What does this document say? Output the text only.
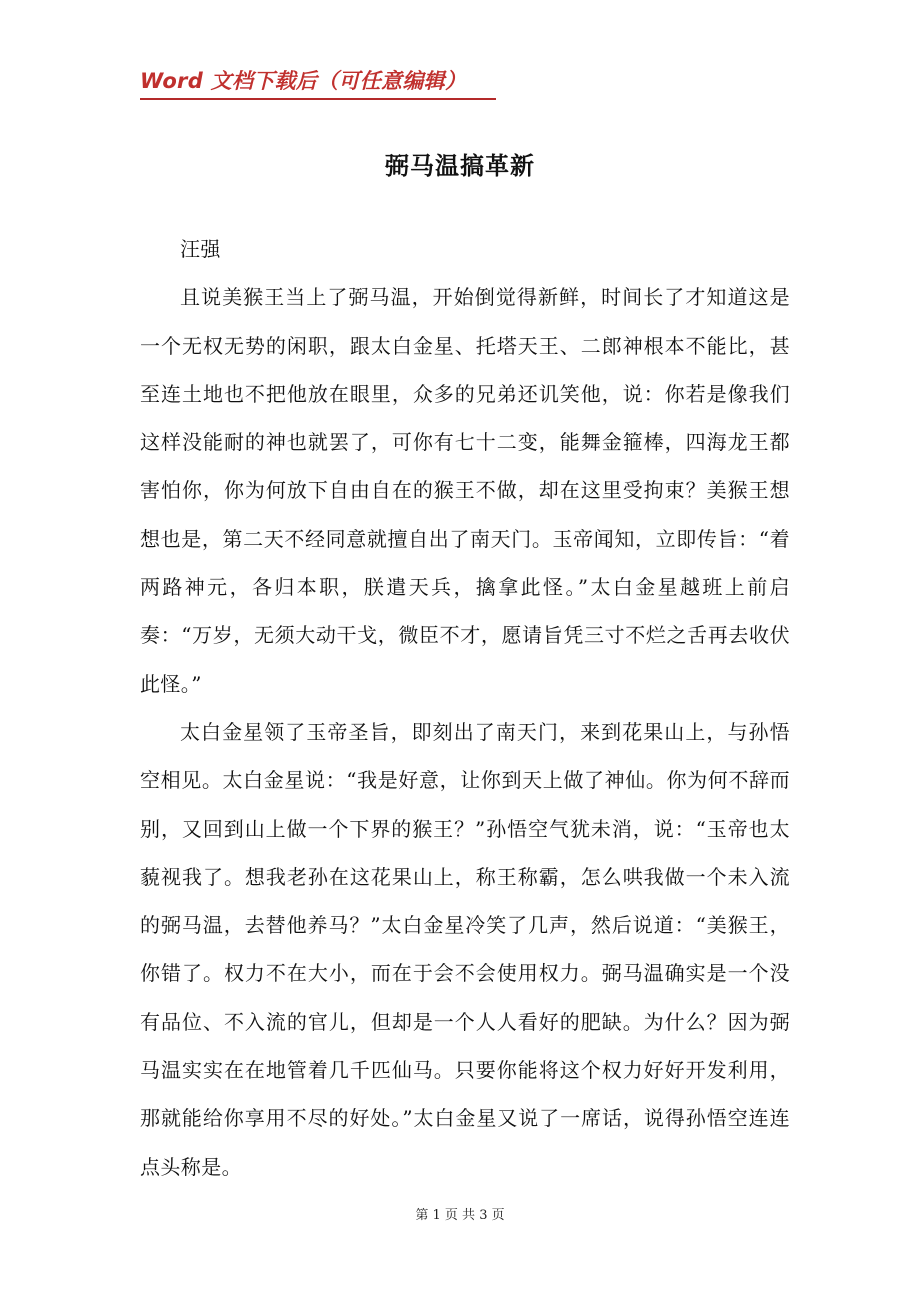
Word 文档下载后（可任意编辑）
弼马温搞革新

汪强

且说美猴王当上了弼马温，开始倒觉得新鲜，时间长了才知道这是一个无权无势的闲职，跟太白金星、托塔天王、二郎神根本不能比，甚至连土地也不把他放在眼里，众多的兄弟还讥笑他，说：你若是像我们这样没能耐的神也就罢了，可你有七十二变，能舞金箍棒，四海龙王都害怕你，你为何放下自由自在的猴王不做，却在这里受拘束？美猴王想想也是，第二天不经同意就擅自出了南天门。玉帝闻知，立即传旨：“着两路神元，各归本职，朕遣天兵，擒拿此怪。”太白金星越班上前启奏：“万岁，无须大动干戈，微臣不才，愿请旨凭三寸不烂之舌再去收伏此怪。”

太白金星领了玉帝圣旨，即刻出了南天门，来到花果山上，与孙悟空相见。太白金星说：“我是好意，让你到天上做了神仙。你为何不辞而别，又回到山上做一个下界的猴王？”孙悟空气犹未消，说：“玉帝也太藐视我了。想我老孙在这花果山上，称王称霸，怎么哄我做一个未入流的弼马温，去替他养马？”太白金星冷笑了几声，然后说道：“美猴王，你错了。权力不在大小，而在于会不会使用权力。弼马温确实是一个没有品位、不入流的官儿，但却是一个人人看好的肥缺。为什么？因为弼马温实实在在地管着几千匹仙马。只要你能将这个权力好好开发利用，那就能给你享用不尽的好处。”太白金星又说了一席话，说得孙悟空连连点头称是。

第 1 页 共 3 页
